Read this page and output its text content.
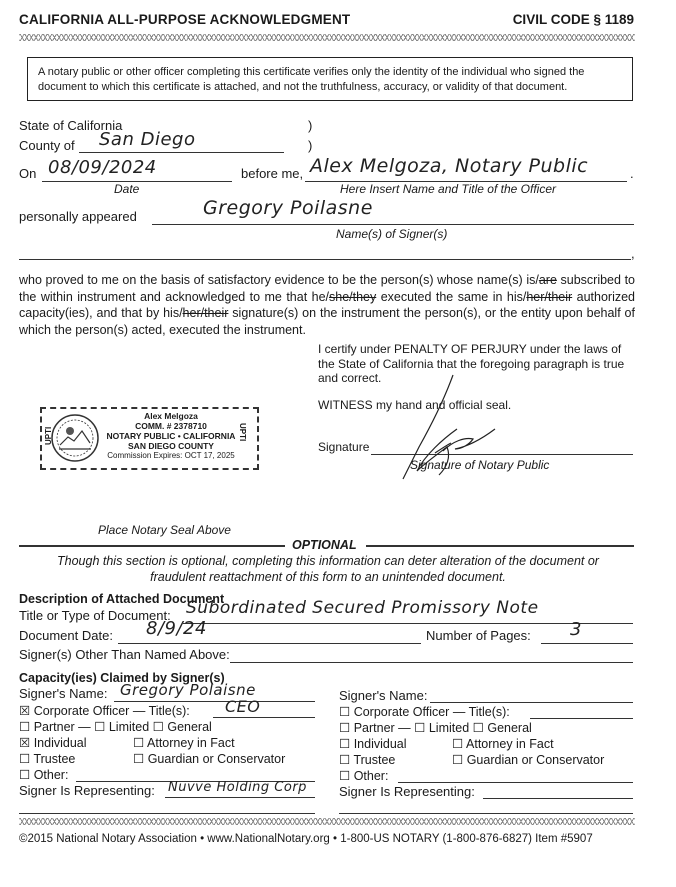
CALIFORNIA ALL-PURPOSE ACKNOWLEDGMENT	CIVIL CODE § 1189
A notary public or other officer completing this certificate verifies only the identity of the individual who signed the document to which this certificate is attached, and not the truthfulness, accuracy, or validity of that document.
State of California	)
County of San Diego	)
On 08/09/2024
Date
before me, Alex Melgoza, Notary Public	.
Here Insert Name and Title of the Officer
personally appeared	Gregory Poilasne
Name(s) of Signer(s)
,
who proved to me on the basis of satisfactory evidence to be the person(s) whose name(s) is/are subscribed to the within instrument and acknowledged to me that he/she/they executed the same in his/her/their authorized capacity(ies), and that by his/her/their signature(s) on the instrument the person(s), or the entity upon behalf of which the person(s) acted, executed the instrument.
I certify under PENALTY OF PERJURY under the laws of the State of California that the foregoing paragraph is true and correct.
WITNESS my hand and official seal.
Signature
Signature of Notary Public
UPTI	UPTI
Alex Melgoza
COMM. # 2378710
NOTARY PUBLIC • CALIFORNIA
SAN DIEGO COUNTY
Commission Expires: OCT 17, 2025
Place Notary Seal Above
OPTIONAL
Though this section is optional, completing this information can deter alteration of the document or fraudulent reattachment of this form to an unintended document.
Description of Attached Document
Title or Type of Document: Subordinated Secured Promissory Note
Document Date: 8/9/24	Number of Pages: 3
Signer(s) Other Than Named Above:
Capacity(ies) Claimed by Signer(s)
Signer's Name: Gregory Polaisne
☒ Corporate Officer — Title(s): CEO
☐ Partner — ☐ Limited ☐ General
☒ Individual	☐ Attorney in Fact
☐ Trustee	☐ Guardian or Conservator
☐ Other:
Signer Is Representing: Nuvve Holding Corp
Signer's Name:
☐ Corporate Officer — Title(s):
☐ Partner — ☐ Limited ☐ General
☐ Individual	☐ Attorney in Fact
☐ Trustee	☐ Guardian or Conservator
☐ Other:
Signer Is Representing:
©2015 National Notary Association • www.NationalNotary.org • 1-800-US NOTARY (1-800-876-6827) Item #5907
